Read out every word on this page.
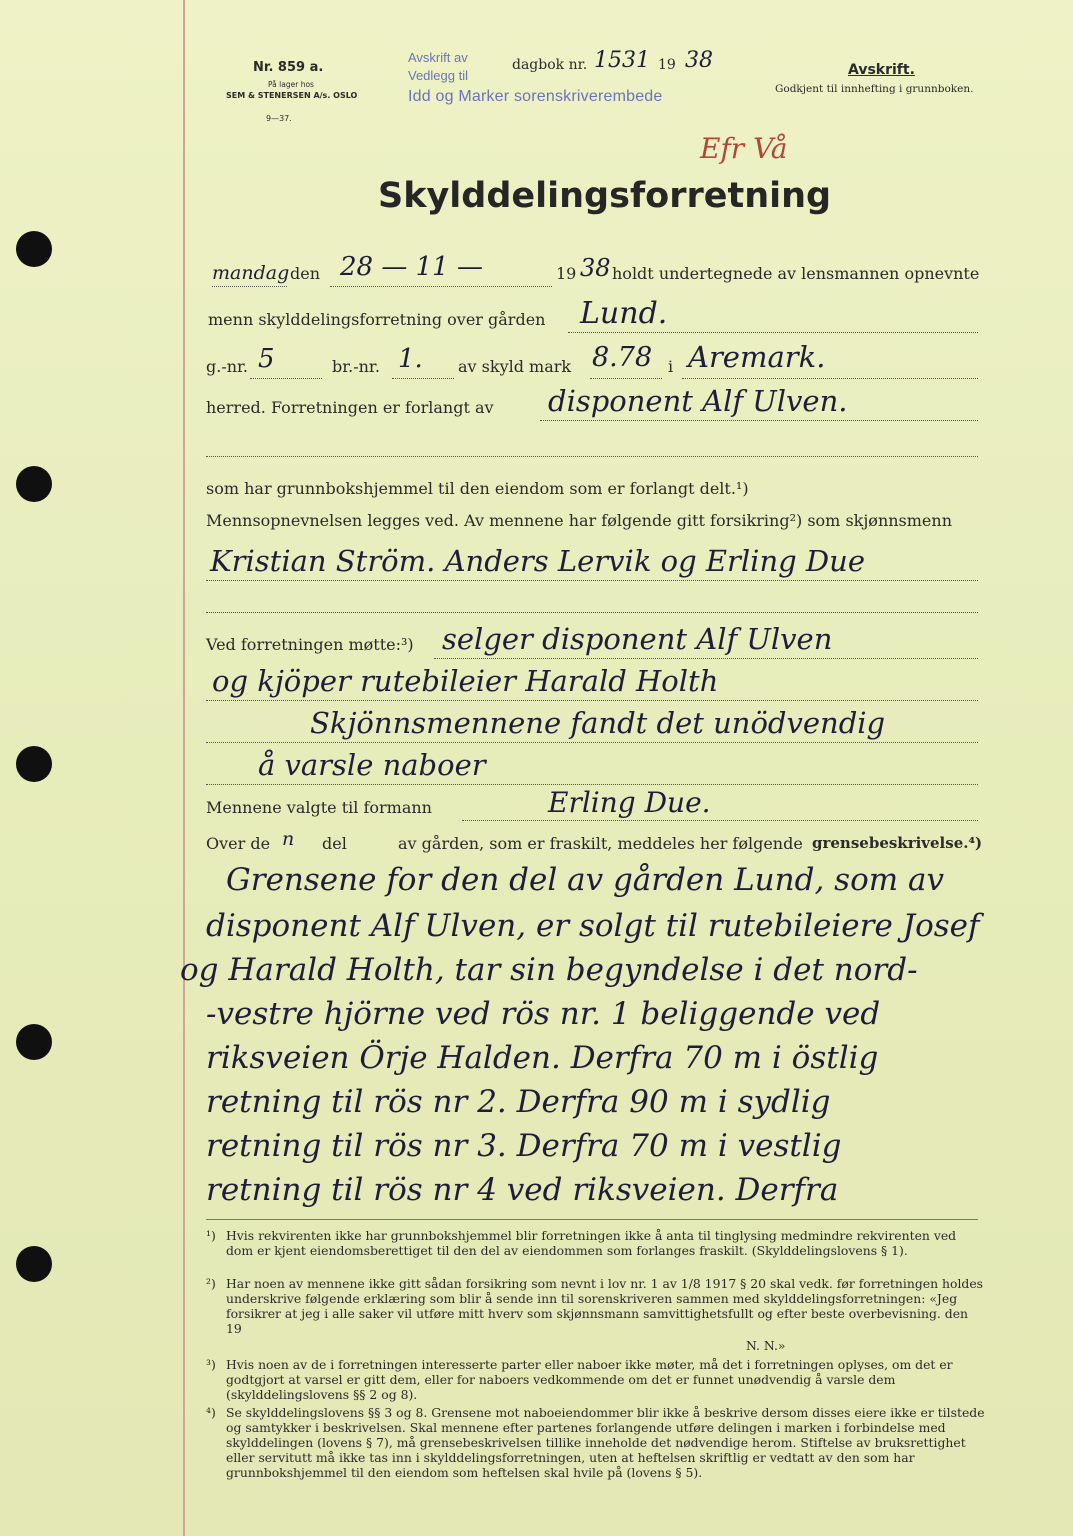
Nr. 859 a.
På lager hos
SEM & STENERSEN A/s. OSLO
9—37.
Avskrift av
Vedlegg til
Idd og Marker sorenskriverembede
dagbok nr. 1531 19 38	Avskrift.
Godkjent til innhefting i grunnboken.
Efr Vå
Skylddelingsforretning
mandag den 28 — 11 —	19 38 holdt undertegnede av lensmannen opnevnte
menn skylddelingsforretning over gården Lund.
g.-nr. 5	br.-nr. 1. av skyld mark 8.78 i Aremark.
herred. Forretningen er forlangt av disponent Alf Ulven.
som har grunnbokshjemmel til den eiendom som er forlangt delt.¹)
Mennsopnevnelsen legges ved. Av mennene har følgende gitt forsikring²) som skjønnsmenn
Kristian Ström. Anders Lervik og Erling Due
Ved forretningen møtte:³) selger disponent Alf Ulven
og kjöper rutebileier Harald Holth
Skjönnsmennene fandt det unödvendig
å varsle naboer
Mennene valgte til formann	Erling Due.
Over de n del	av gården, som er fraskilt, meddeles her følgende grensebeskrivelse.⁴)
Grensene for den del av gården Lund, som av
disponent Alf Ulven, er solgt til rutebileiere Josef
og Harald Holth, tar sin begyndelse i det nord-
-vestre hjörne ved rös nr. 1 beliggende ved
riksveien Örje Halden. Derfra 70 m i östlig
retning til rös nr 2. Derfra 90 m i sydlig
retning til rös nr 3. Derfra 70 m i vestlig
retning til rös nr 4 ved riksveien. Derfra
¹) Hvis rekvirenten ikke har grunnbokshjemmel blir forretningen ikke å anta til tinglysing medmindre rekvirenten ved dom er kjent eiendomsberettiget til den del av eiendommen som forlanges fraskilt. (Skylddelingslovens § 1).
²) Har noen av mennene ikke gitt sådan forsikring som nevnt i lov nr. 1 av 1/8 1917 § 20 skal vedk. før forretningen holdes underskrive følgende erklæring som blir å sende inn til sorenskriveren sammen med skylddelingsforretningen: «Jeg forsikrer at jeg i alle saker vil utføre mitt hverv som skjønnsmann samvittighetsfullt og efter beste overbevisning. den 19
N. N.»
³) Hvis noen av de i forretningen interesserte parter eller naboer ikke møter, må det i forretningen oplyses, om det er godtgjort at varsel er gitt dem, eller for naboers vedkommende om det er funnet unødvendig å varsle dem (skylddelingslovens §§ 2 og 8).
⁴) Se skylddelingslovens §§ 3 og 8. Grensene mot naboeiendommer blir ikke å beskrive dersom disses eiere ikke er tilstede og samtykker i beskrivelsen. Skal mennene efter partenes forlangende utføre delingen i marken i forbindelse med skylddelingen (lovens § 7), må grensebeskrivelsen tillike inneholde det nødvendige herom. Stiftelse av bruksrettighet eller servitutt må ikke tas inn i skylddelingsforretningen, uten at heftelsen skriftlig er vedtatt av den som har grunnbokshjemmel til den eiendom som heftelsen skal hvile på (lovens § 5).
